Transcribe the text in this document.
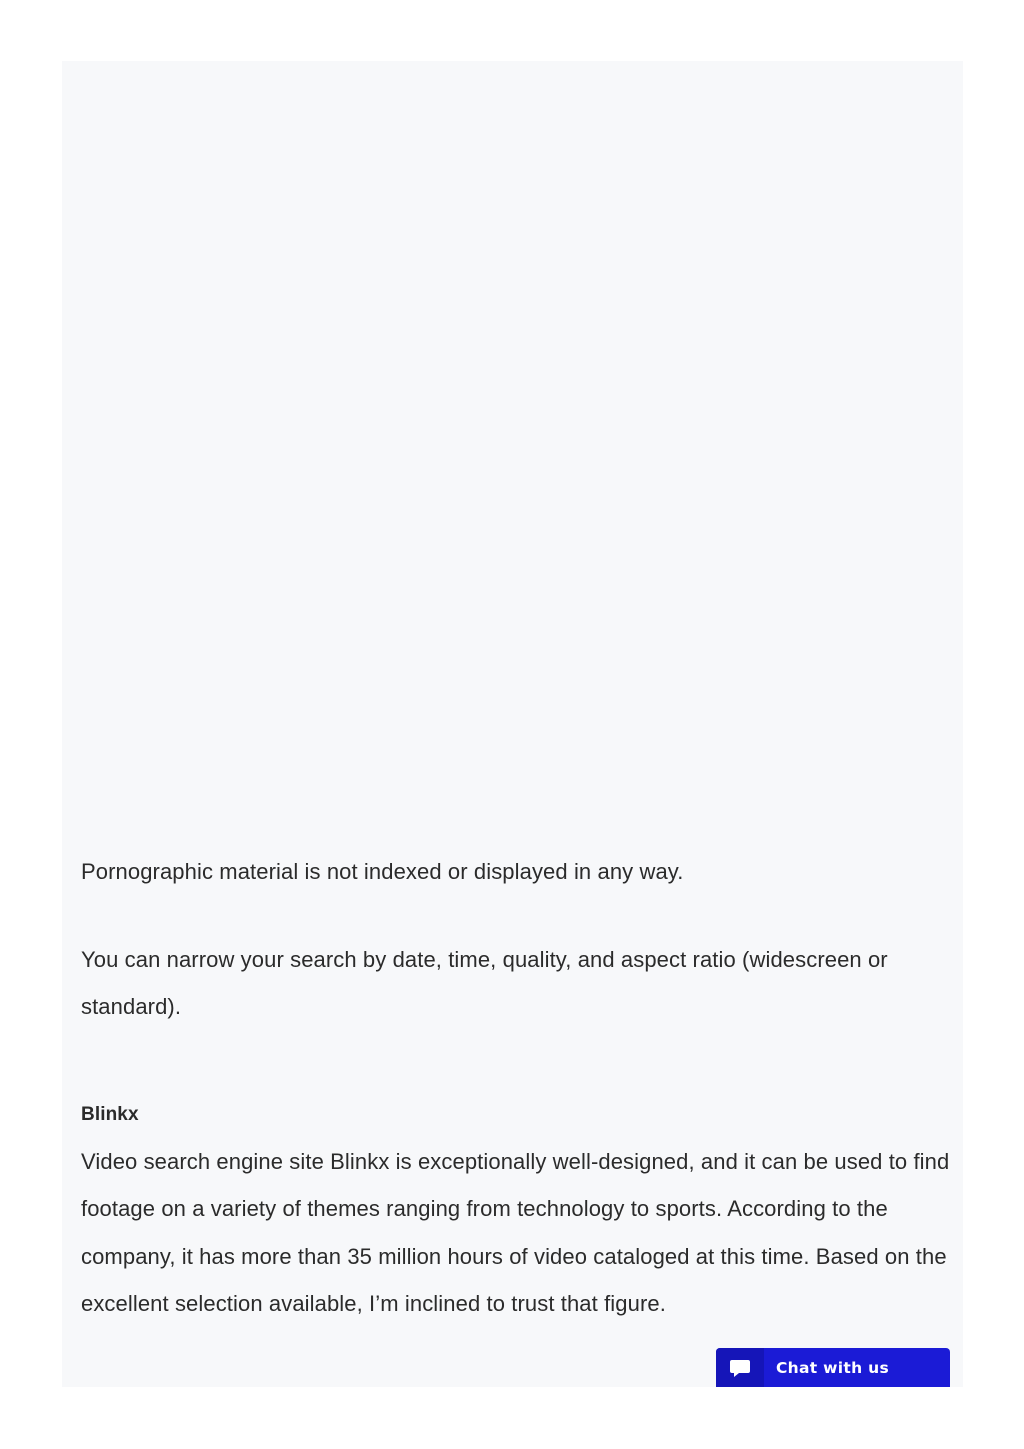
Pornographic material is not indexed or displayed in any way.

You can narrow your search by date, time, quality, and aspect ratio (widescreen or standard).

Blinkx

Video search engine site Blinkx is exceptionally well-designed, and it can be used to find footage on a variety of themes ranging from technology to sports. According to the company, it has more than 35 million hours of video cataloged at this time. Based on the excellent selection available, I’m inclined to trust that figure.

Chat with us
